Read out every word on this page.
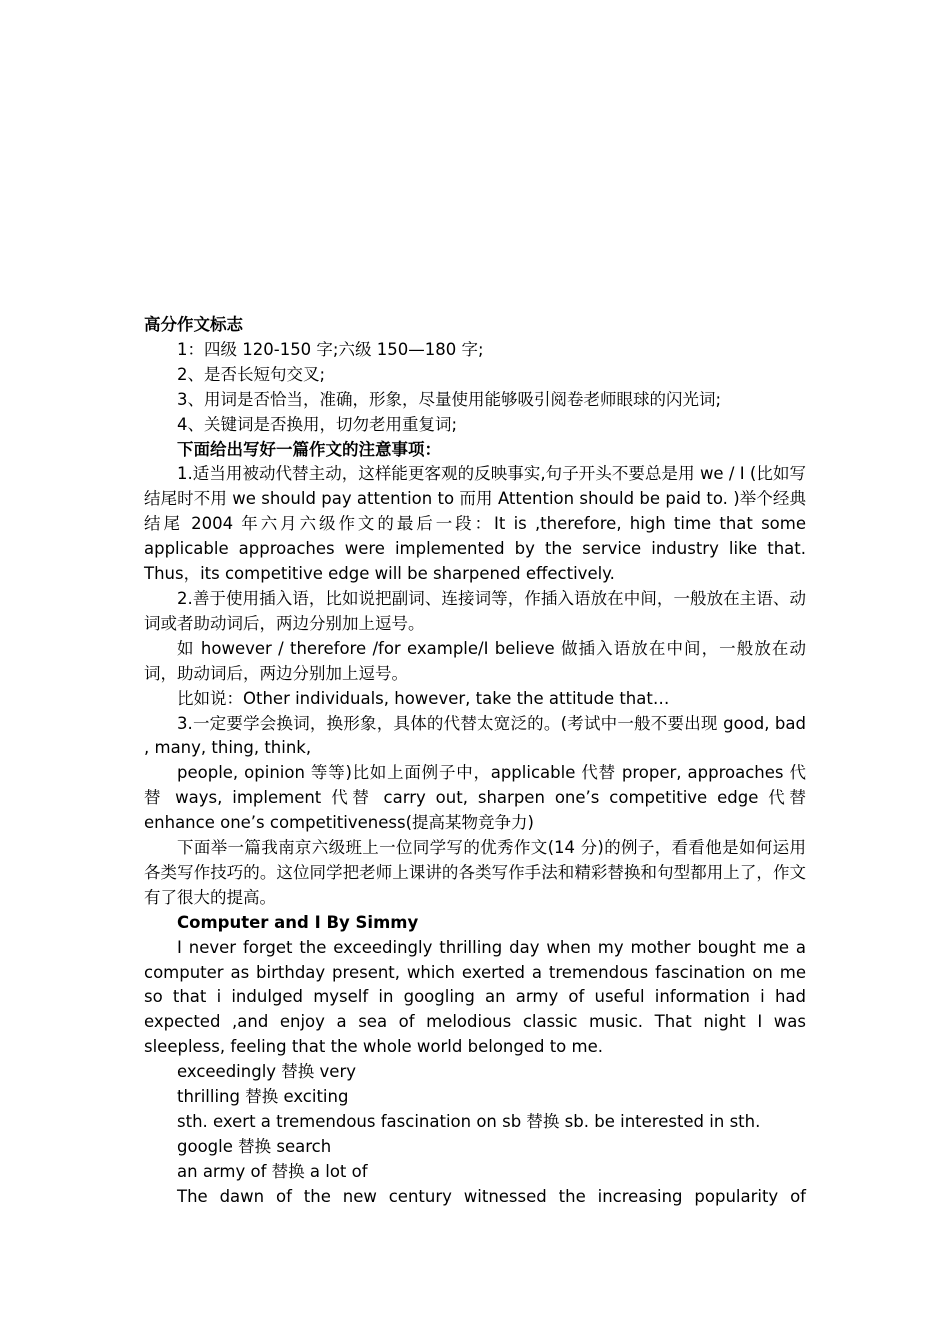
高分作文标志

1：四级 120-150 字;六级 150—180 字;

2、是否长短句交叉;

3、用词是否恰当，准确，形象，尽量使用能够吸引阅卷老师眼球的闪光词;

4、关键词是否换用，切勿老用重复词;

下面给出写好一篇作文的注意事项：

1.适当用被动代替主动，这样能更客观的反映事实,句子开头不要总是用 we / I (比如写结尾时不用 we should pay attention to 而用 Attention should be paid to. )举个经典结尾 2004 年六月六级作文的最后一段：It is ,therefore, high time that some applicable approaches were implemented by the service industry like that. Thus，its competitive edge will be sharpened effectively.

2.善于使用插入语，比如说把副词、连接词等，作插入语放在中间，一般放在主语、动词或者助动词后，两边分别加上逗号。

如 however / therefore /for example/I believe 做插入语放在中间，一般放在动词，助动词后，两边分别加上逗号。

比如说：Other individuals, however, take the attitude that…

3.一定要学会换词，换形象，具体的代替太宽泛的。(考试中一般不要出现 good, bad , many, thing, think,

people, opinion 等等)比如上面例子中，applicable 代替 proper, approaches 代替 ways, implement 代替 carry out, sharpen one’s competitive edge 代替 enhance one’s competitiveness(提高某物竞争力)

下面举一篇我南京六级班上一位同学写的优秀作文(14 分)的例子，看看他是如何运用各类写作技巧的。这位同学把老师上课讲的各类写作手法和精彩替换和句型都用上了，作文有了很大的提高。

Computer and I By Simmy

I never forget the exceedingly thrilling day when my mother bought me a computer as birthday present, which exerted a tremendous fascination on me so that i indulged myself in googling an army of useful information i had expected ,and enjoy a sea of melodious classic music. That night I was sleepless, feeling that the whole world belonged to me.

exceedingly 替换 very

thrilling 替换 exciting

sth. exert a tremendous fascination on sb 替换 sb. be interested in sth.

google 替换 search

an army of 替换 a lot of

The dawn of the new century witnessed the increasing popularity of
